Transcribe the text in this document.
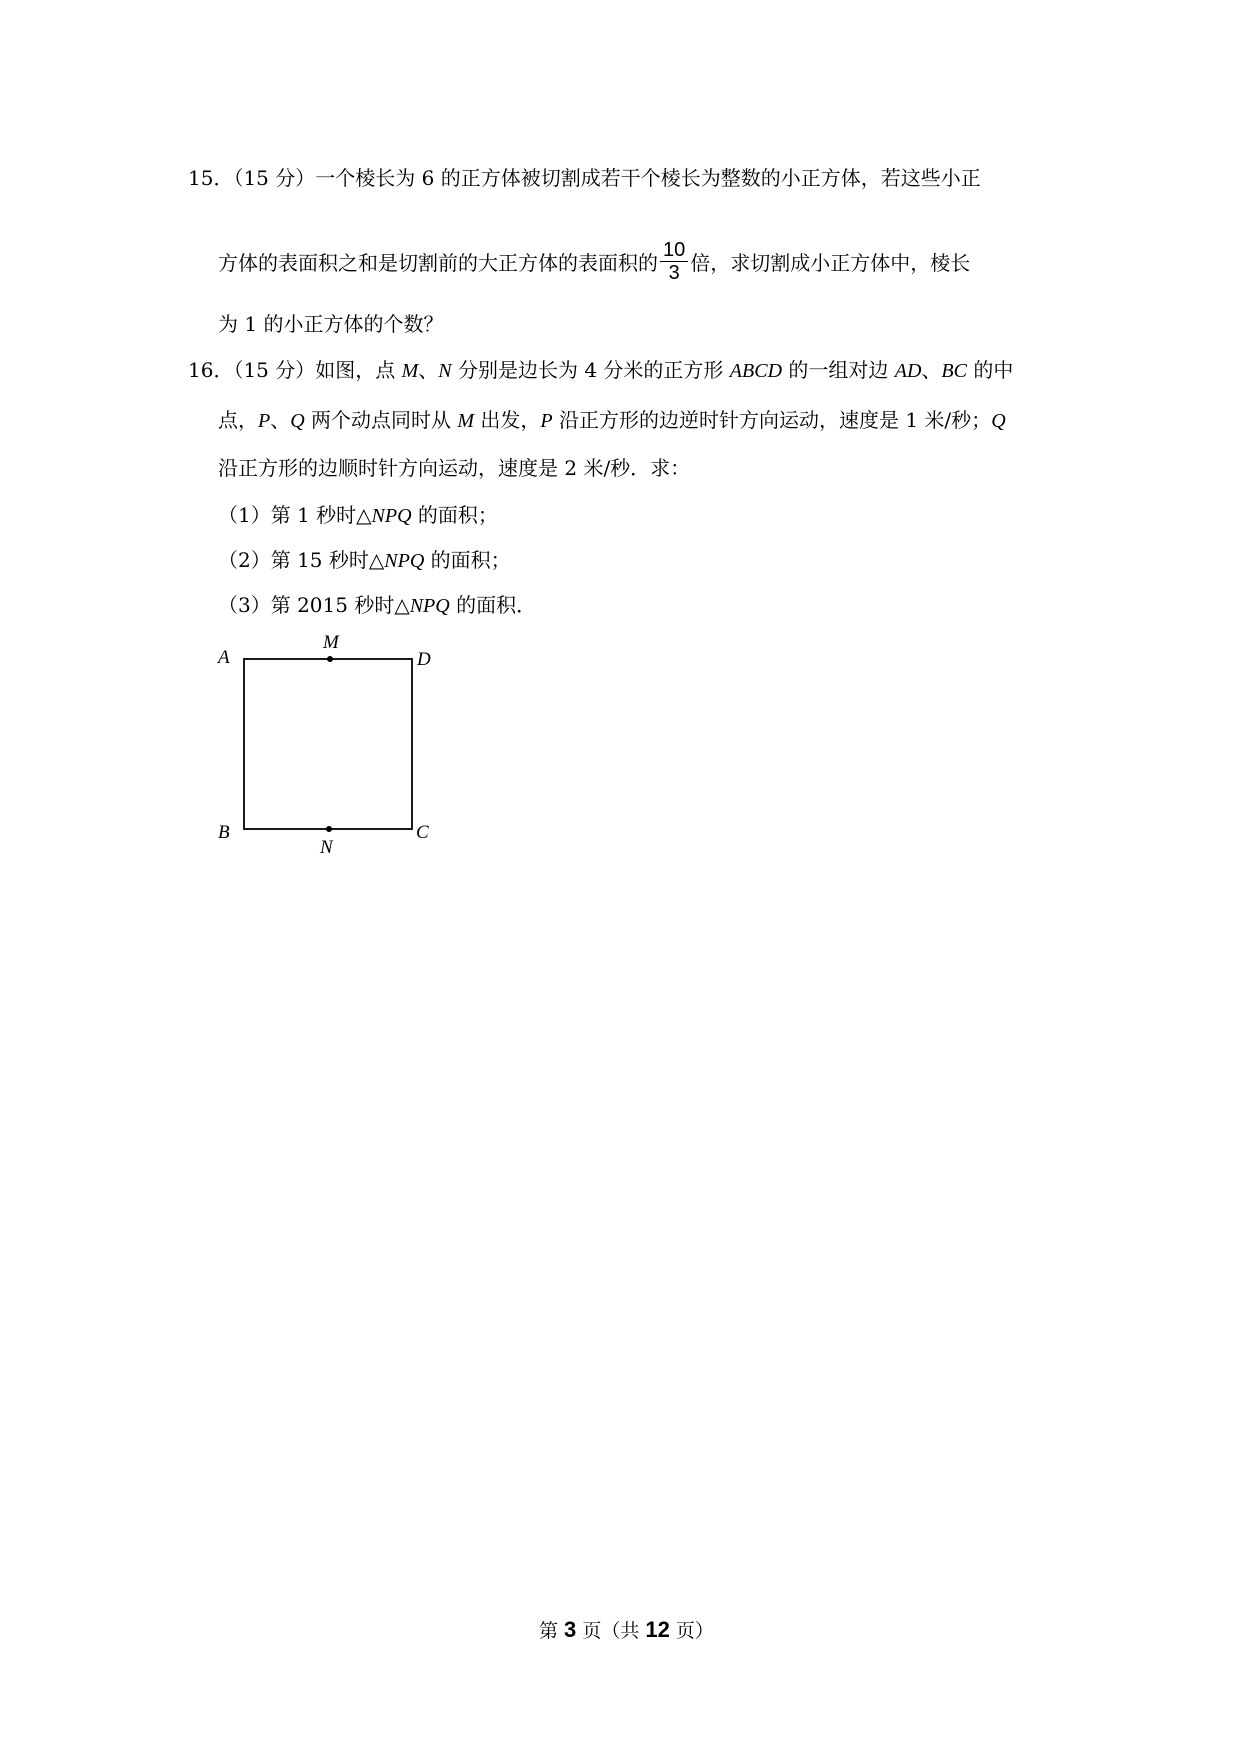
15．（15 分）一个棱长为 6 的正方体被切割成若干个棱长为整数的小正方体，若这些小正
方体的表面积之和是切割前的大正方体的表面积的 $\frac{10}{3}$ 倍，求切割成小正方体中，棱长
为 1 的小正方体的个数？
16．（15 分）如图，点 M、N 分别是边长为 4 分米的正方形 ABCD 的一组对边 AD、BC 的中
点，P、Q 两个动点同时从 M 出发，P 沿正方形的边逆时针方向运动，速度是 1 米/秒；Q
沿正方形的边顺时针方向运动，速度是 2 米/秒．求：
（1）第 1 秒时△NPQ 的面积；
（2）第 15 秒时△NPQ 的面积；
（3）第 2015 秒时△NPQ 的面积．
A
M
D
B
N
C
第 3 页（共 12 页）
